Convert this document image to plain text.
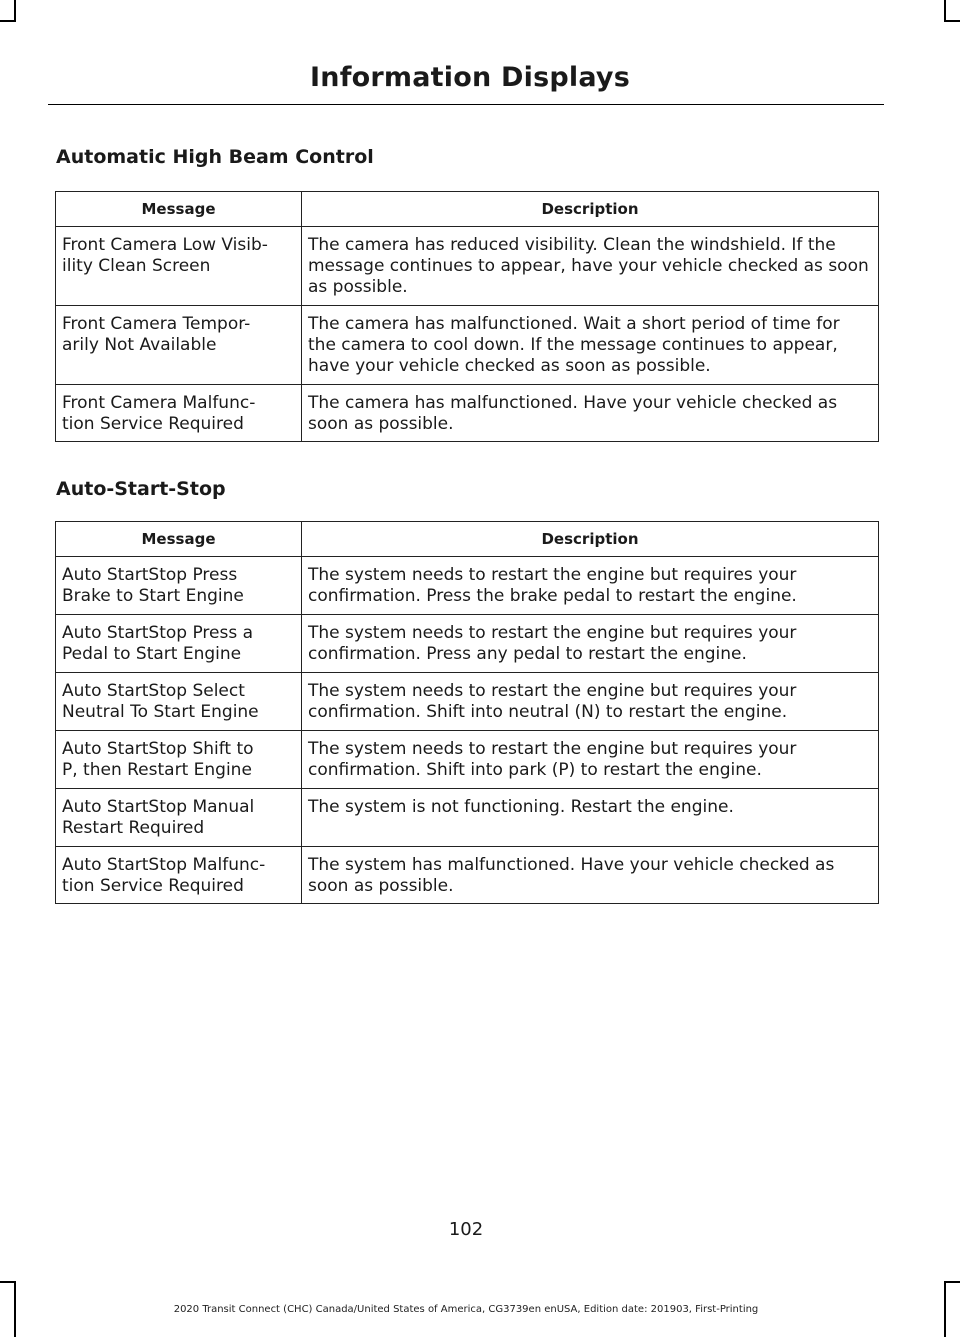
Information Displays
Automatic High Beam Control
Message	Description
Front Camera Low Visib-
ility Clean Screen	The camera has reduced visibility. Clean the windshield. If the message continues to appear, have your vehicle checked as soon as possible.
Front Camera Tempor-
arily Not Available	The camera has malfunctioned. Wait a short period of time for the camera to cool down. If the message continues to appear, have your vehicle checked as soon as possible.
Front Camera Malfunc-
tion Service Required	The camera has malfunctioned. Have your vehicle checked as soon as possible.
Auto-Start-Stop
Message	Description
Auto StartStop Press
Brake to Start Engine	The system needs to restart the engine but requires your confirmation. Press the brake pedal to restart the engine.
Auto StartStop Press a
Pedal to Start Engine	The system needs to restart the engine but requires your confirmation. Press any pedal to restart the engine.
Auto StartStop Select
Neutral To Start Engine	The system needs to restart the engine but requires your confirmation. Shift into neutral (N) to restart the engine.
Auto StartStop Shift to
P, then Restart Engine	The system needs to restart the engine but requires your confirmation. Shift into park (P) to restart the engine.
Auto StartStop Manual
Restart Required	The system is not functioning. Restart the engine.
Auto StartStop Malfunc-
tion Service Required	The system has malfunctioned. Have your vehicle checked as soon as possible.
102
2020 Transit Connect (CHC) Canada/United States of America, CG3739en enUSA, Edition date: 201903, First-Printing
